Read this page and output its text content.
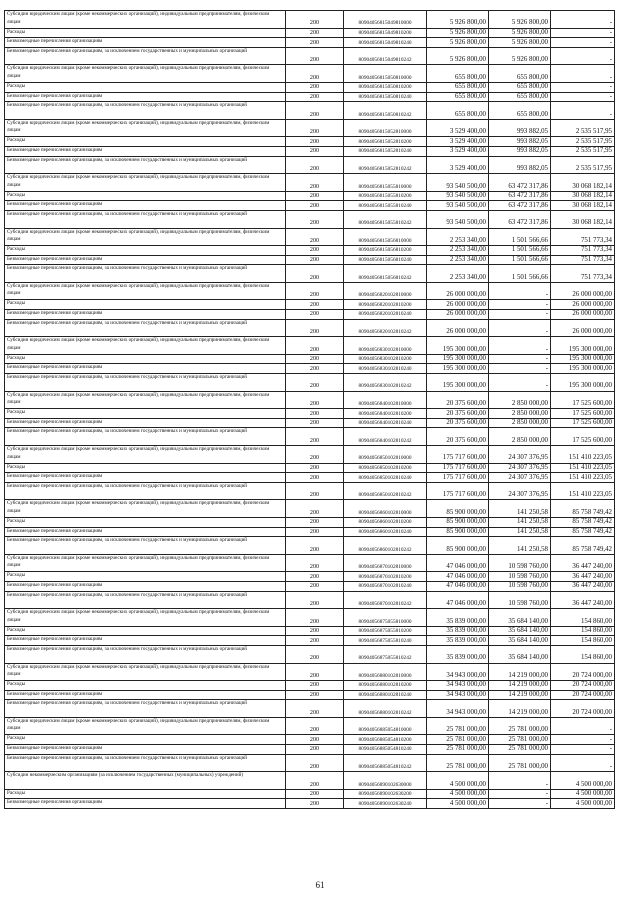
Субсидии юридическим лицам (кроме некоммерческих организаций), индивидуальным предпринимателям, физическим лицам	200	80904056815049810000	5 926 800,00	5 926 800,00	-
Расходы	200	80904056815049810200	5 926 800,00	5 926 800,00	-
Безвозмездные перечисления организациям	200	80904056815049810240	5 926 800,00	5 926 800,00	-
Безвозмездные перечисления организациям, за исключением государственных и муниципальных организаций	200	80904056815049810242	5 926 800,00	5 926 800,00	-
Субсидии юридическим лицам (кроме некоммерческих организаций), индивидуальным предпринимателям, физическим лицам	200	80904056815050810000	655 800,00	655 800,00	-
Расходы	200	80904056815050810200	655 800,00	655 800,00	-
Безвозмездные перечисления организациям	200	80904056815050810240	655 800,00	655 800,00	-
Безвозмездные перечисления организациям, за исключением государственных и муниципальных организаций	200	80904056815050810242	655 800,00	655 800,00	-
Субсидии юридическим лицам (кроме некоммерческих организаций), индивидуальным предпринимателям, физическим лицам	200	80904056815052810000	3 529 400,00	993 882,05	2 535 517,95
Расходы	200	80904056815052810200	3 529 400,00	993 882,05	2 535 517,95
Безвозмездные перечисления организациям	200	80904056815052810240	3 529 400,00	993 882,05	2 535 517,95
Безвозмездные перечисления организациям, за исключением государственных и муниципальных организаций	200	80904056815052810242	3 529 400,00	993 882,05	2 535 517,95
Субсидии юридическим лицам (кроме некоммерческих организаций), индивидуальным предпринимателям, физическим лицам	200	80904056815055810000	93 540 500,00	63 472 317,86	30 068 182,14
Расходы	200	80904056815055810200	93 540 500,00	63 472 317,86	30 068 182,14
Безвозмездные перечисления организациям	200	80904056815055810240	93 540 500,00	63 472 317,86	30 068 182,14
Безвозмездные перечисления организациям, за исключением государственных и муниципальных организаций	200	80904056815055810242	93 540 500,00	63 472 317,86	30 068 182,14
Субсидии юридическим лицам (кроме некоммерческих организаций), индивидуальным предпринимателям, физическим лицам	200	80904056815056810000	2 253 340,00	1 501 566,66	751 773,34
Расходы	200	80904056815056810200	2 253 340,00	1 501 566,66	751 773,34
Безвозмездные перечисления организациям	200	80904056815056810240	2 253 340,00	1 501 566,66	751 773,34
Безвозмездные перечисления организациям, за исключением государственных и муниципальных организаций	200	80904056815056810242	2 253 340,00	1 501 566,66	751 773,34
Субсидии юридическим лицам (кроме некоммерческих организаций), индивидуальным предпринимателям, физическим лицам	200	80904056820102810000	26 000 000,00	-	26 000 000,00
Расходы	200	80904056820102810200	26 000 000,00	-	26 000 000,00
Безвозмездные перечисления организациям	200	80904056820102810240	26 000 000,00	-	26 000 000,00
Безвозмездные перечисления организациям, за исключением государственных и муниципальных организаций	200	80904056820102810242	26 000 000,00	-	26 000 000,00
Субсидии юридическим лицам (кроме некоммерческих организаций), индивидуальным предпринимателям, физическим лицам	200	80904056830102810000	195 300 000,00	-	195 300 000,00
Расходы	200	80904056830102810200	195 300 000,00	-	195 300 000,00
Безвозмездные перечисления организациям	200	80904056830102810240	195 300 000,00	-	195 300 000,00
Безвозмездные перечисления организациям, за исключением государственных и муниципальных организаций	200	80904056830102810242	195 300 000,00	-	195 300 000,00
Субсидии юридическим лицам (кроме некоммерческих организаций), индивидуальным предпринимателям, физическим лицам	200	80904056840102810000	20 375 600,00	2 850 000,00	17 525 600,00
Расходы	200	80904056840102810200	20 375 600,00	2 850 000,00	17 525 600,00
Безвозмездные перечисления организациям	200	80904056840102810240	20 375 600,00	2 850 000,00	17 525 600,00
Безвозмездные перечисления организациям, за исключением государственных и муниципальных организаций	200	80904056840102810242	20 375 600,00	2 850 000,00	17 525 600,00
Субсидии юридическим лицам (кроме некоммерческих организаций), индивидуальным предпринимателям, физическим лицам	200	80904056850102810000	175 717 600,00	24 307 376,95	151 410 223,05
Расходы	200	80904056850102810200	175 717 600,00	24 307 376,95	151 410 223,05
Безвозмездные перечисления организациям	200	80904056850102810240	175 717 600,00	24 307 376,95	151 410 223,05
Безвозмездные перечисления организациям, за исключением государственных и муниципальных организаций	200	80904056850102810242	175 717 600,00	24 307 376,95	151 410 223,05
Субсидии юридическим лицам (кроме некоммерческих организаций), индивидуальным предпринимателям, физическим лицам	200	80904056860102810000	85 900 000,00	141 250,58	85 758 749,42
Расходы	200	80904056860102810200	85 900 000,00	141 250,58	85 758 749,42
Безвозмездные перечисления организациям	200	80904056860102810240	85 900 000,00	141 250,58	85 758 749,42
Безвозмездные перечисления организациям, за исключением государственных и муниципальных организаций	200	80904056860102810242	85 900 000,00	141 250,58	85 758 749,42
Субсидии юридическим лицам (кроме некоммерческих организаций), индивидуальным предпринимателям, физическим лицам	200	80904056870102810000	47 046 000,00	10 598 760,00	36 447 240,00
Расходы	200	80904056870102810200	47 046 000,00	10 598 760,00	36 447 240,00
Безвозмездные перечисления организациям	200	80904056870102810240	47 046 000,00	10 598 760,00	36 447 240,00
Безвозмездные перечисления организациям, за исключением государственных и муниципальных организаций	200	80904056870102810242	47 046 000,00	10 598 760,00	36 447 240,00
Субсидии юридическим лицам (кроме некоммерческих организаций), индивидуальным предпринимателям, физическим лицам	200	80904056875055810000	35 839 000,00	35 684 140,00	154 860,00
Расходы	200	80904056875055810200	35 839 000,00	35 684 140,00	154 860,00
Безвозмездные перечисления организациям	200	80904056875055810240	35 839 000,00	35 684 140,00	154 860,00
Безвозмездные перечисления организациям, за исключением государственных и муниципальных организаций	200	80904056875055810242	35 839 000,00	35 684 140,00	154 860,00
Субсидии юридическим лицам (кроме некоммерческих организаций), индивидуальным предпринимателям, физическим лицам	200	80904056880102810000	34 943 000,00	14 219 000,00	20 724 000,00
Расходы	200	80904056880102810200	34 943 000,00	14 219 000,00	20 724 000,00
Безвозмездные перечисления организациям	200	80904056880102810240	34 943 000,00	14 219 000,00	20 724 000,00
Безвозмездные перечисления организациям, за исключением государственных и муниципальных организаций	200	80904056880102810242	34 943 000,00	14 219 000,00	20 724 000,00
Субсидии юридическим лицам (кроме некоммерческих организаций), индивидуальным предпринимателям, физическим лицам	200	80904056885054810000	25 781 000,00	25 781 000,00	-
Расходы	200	80904056885054810200	25 781 000,00	25 781 000,00	-
Безвозмездные перечисления организациям	200	80904056885054810240	25 781 000,00	25 781 000,00	-
Безвозмездные перечисления организациям, за исключением государственных и муниципальных организаций	200	80904056885054810242	25 781 000,00	25 781 000,00	-
Субсидии некоммерческим организациям (за исключением государственных (муниципальных) учреждений)	200	80904056890102630000	4 500 000,00	-	4 500 000,00
Расходы	200	80904056890102630200	4 500 000,00	-	4 500 000,00
Безвозмездные перечисления организациям	200	80904056890102630240	4 500 000,00	-	4 500 000,00
61
